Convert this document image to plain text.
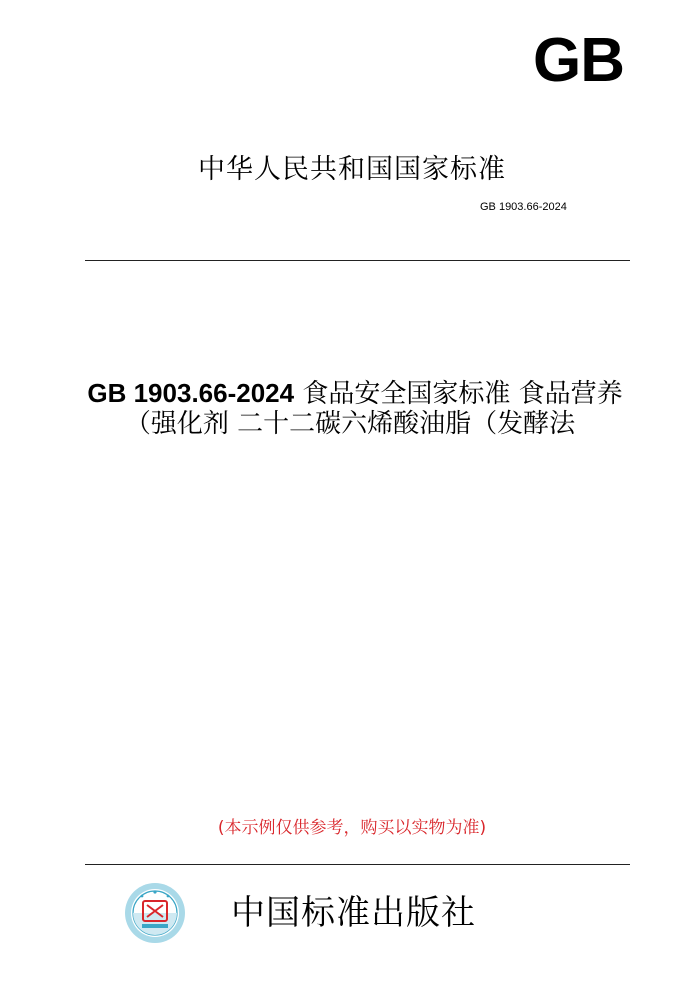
GB
中华人民共和国国家标准
GB 1903.66-2024
GB 1903.66-2024 食品安全国家标准 食品营养
（强化剂 二十二碳六烯酸油脂（发酵法
(本示例仅供参考，购买以实物为准)
中国标准出版社
